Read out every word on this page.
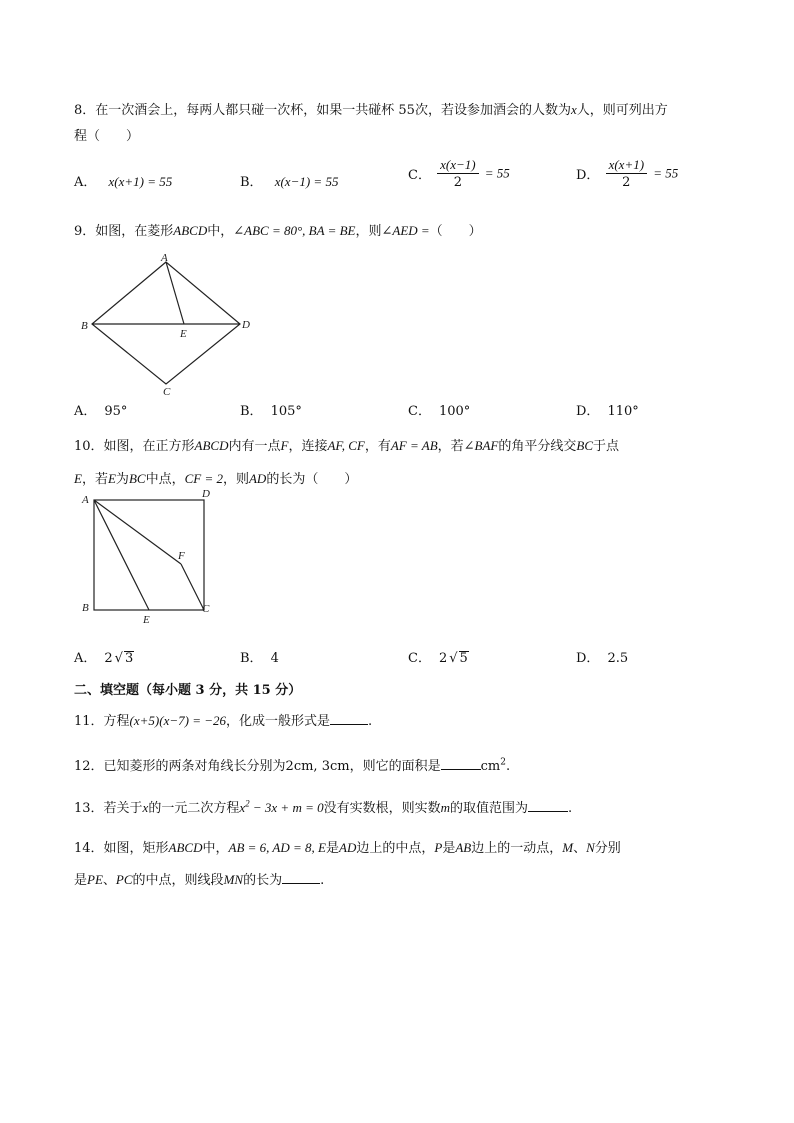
8．在一次酒会上，每两人都只碰一次杯，如果一共碰杯 55次，若设参加酒会的人数为x人，则可列出方
程（　　）
A． x(x+1) = 55	B． x(x−1) = 55	C． $\frac{x(x-1)}{2} = 55$	D． $\frac{x(x+1)}{2} = 55$
9．如图，在菱形ABCD中，∠ABC = 80°, BA = BE，则∠AED =（　　）
A
B
C
D
E
A． 95°	B． 105°	C． 100°	D． 110°
10．如图，在正方形ABCD内有一点F，连接AF, CF，有AF = AB，若∠BAF的角平分线交BC于点
E，若E为BC中点，CF = 2，则AD的长为（　　）
A	D
F
B
E
C
A． 2 √ 3	B． 4	C． 2 √ 5	D． 2.5
二、填空题（每小题 3 分，共 15 分）
11．方程(x+5)(x−7) = −26，化成一般形式是	.
12．已知菱形的两条对角线长分别为2cm, 3cm，则它的面积是	$cm^2$.
13．若关于x的一元二次方程$x^2 - 3x + m = 0$没有实数根，则实数m的取值范围为	.
14．如图，矩形ABCD中，AB = 6, AD = 8, E是AD边上的中点，P是AB边上的一动点，M、N分别
是PE、PC的中点，则线段MN的长为	.
